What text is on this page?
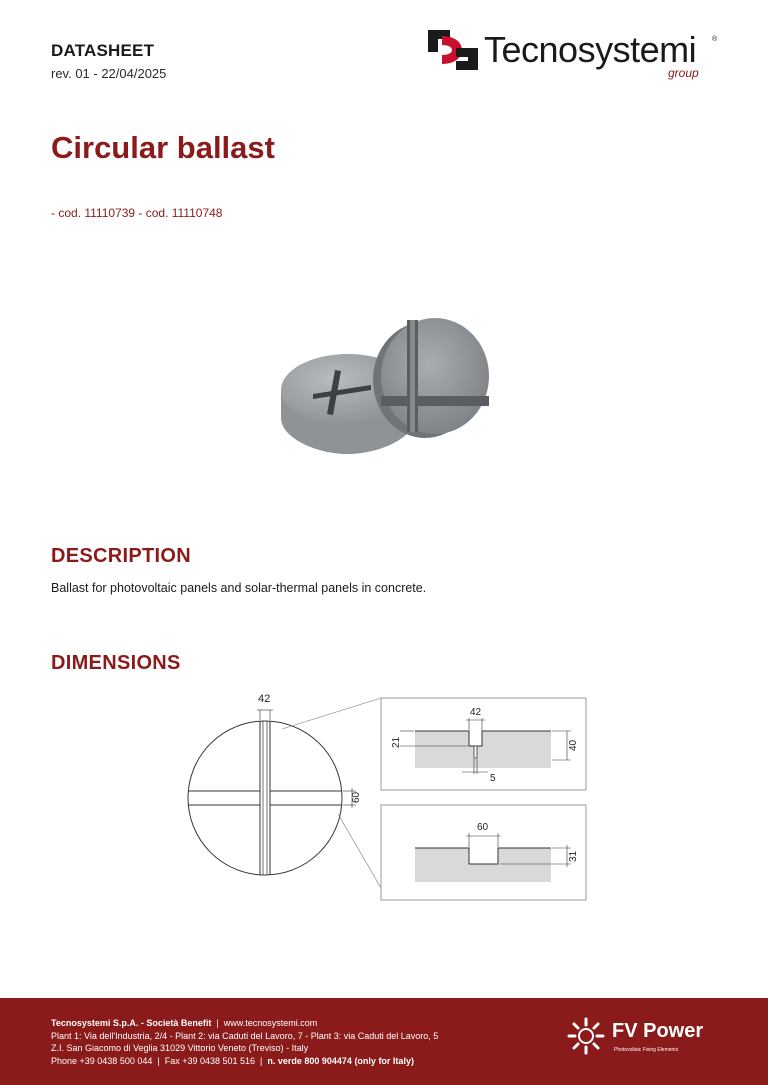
DATASHEET
rev. 01 - 22/04/2025
Tecnosystemi ®
group
Circular ballast
- cod. 11110739 - cod. 11110748
DESCRIPTION
Ballast for photovoltaic panels and solar-thermal panels in concrete.
DIMENSIONS
42
60
42
21	40
5
60
31
Tecnosystemi S.p.A. - Società Benefit  |  www.tecnosystemi.com
Plant 1: Via dell'Industria, 2/4 - Plant 2: via Caduti del Lavoro, 7 - Plant 3: via Caduti del Lavoro, 5
Z.I. San Giacomo di Veglia 31029 Vittorio Veneto (Treviso) - Italy
Phone +39 0438 500 044  |  Fax +39 0438 501 516  |  n. verde 800 904474 (only for Italy)
FV Power
Photovoltaic Fixing Elements
